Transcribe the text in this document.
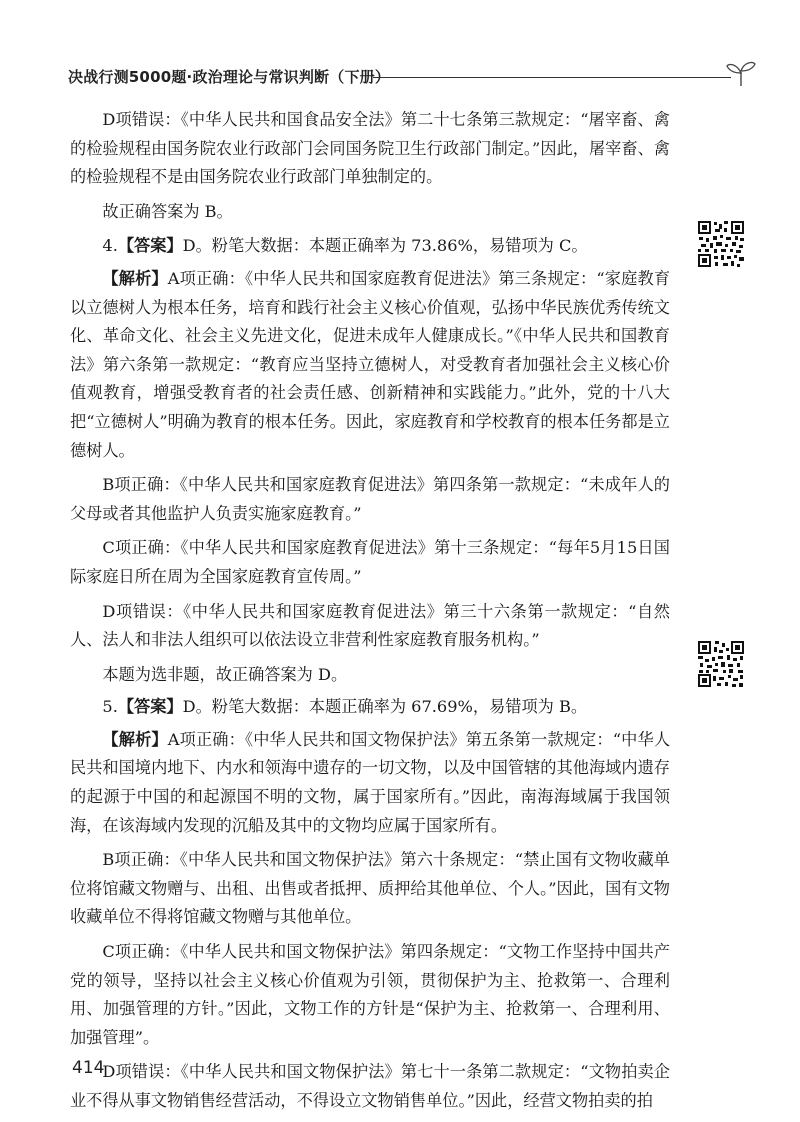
决战行测5000题·政治理论与常识判断（下册）

D项错误：《中华人民共和国食品安全法》第二十七条第三款规定：“屠宰畜、禽的检验规程由国务院农业行政部门会同国务院卫生行政部门制定。”因此，屠宰畜、禽的检验规程不是由国务院农业行政部门单独制定的。

故正确答案为 B。

4.【答案】D。粉笔大数据：本题正确率为 73.86%，易错项为 C。

【解析】A项正确：《中华人民共和国家庭教育促进法》第三条规定：“家庭教育以立德树人为根本任务，培育和践行社会主义核心价值观，弘扬中华民族优秀传统文化、革命文化、社会主义先进文化，促进未成年人健康成长。”《中华人民共和国教育法》第六条第一款规定：“教育应当坚持立德树人，对受教育者加强社会主义核心价值观教育，增强受教育者的社会责任感、创新精神和实践能力。”此外，党的十八大把“立德树人”明确为教育的根本任务。因此，家庭教育和学校教育的根本任务都是立德树人。

B项正确：《中华人民共和国家庭教育促进法》第四条第一款规定：“未成年人的父母或者其他监护人负责实施家庭教育。”

C项正确：《中华人民共和国家庭教育促进法》第十三条规定：“每年5月15日国际家庭日所在周为全国家庭教育宣传周。”

D项错误：《中华人民共和国家庭教育促进法》第三十六条第一款规定：“自然人、法人和非法人组织可以依法设立非营利性家庭教育服务机构。”

本题为选非题，故正确答案为 D。

5.【答案】D。粉笔大数据：本题正确率为 67.69%，易错项为 B。

【解析】A项正确：《中华人民共和国文物保护法》第五条第一款规定：“中华人民共和国境内地下、内水和领海中遗存的一切文物，以及中国管辖的其他海域内遗存的起源于中国的和起源国不明的文物，属于国家所有。”因此，南海海域属于我国领海，在该海域内发现的沉船及其中的文物均应属于国家所有。

B项正确：《中华人民共和国文物保护法》第六十条规定：“禁止国有文物收藏单位将馆藏文物赠与、出租、出售或者抵押、质押给其他单位、个人。”因此，国有文物收藏单位不得将馆藏文物赠与其他单位。

C项正确：《中华人民共和国文物保护法》第四条规定：“文物工作坚持中国共产党的领导，坚持以社会主义核心价值观为引领，贯彻保护为主、抢救第一、合理利用、加强管理的方针。”因此，文物工作的方针是“保护为主、抢救第一、合理利用、加强管理”。

D项错误：《中华人民共和国文物保护法》第七十一条第二款规定：“文物拍卖企业不得从事文物销售经营活动，不得设立文物销售单位。”因此，经营文物拍卖的拍

414
